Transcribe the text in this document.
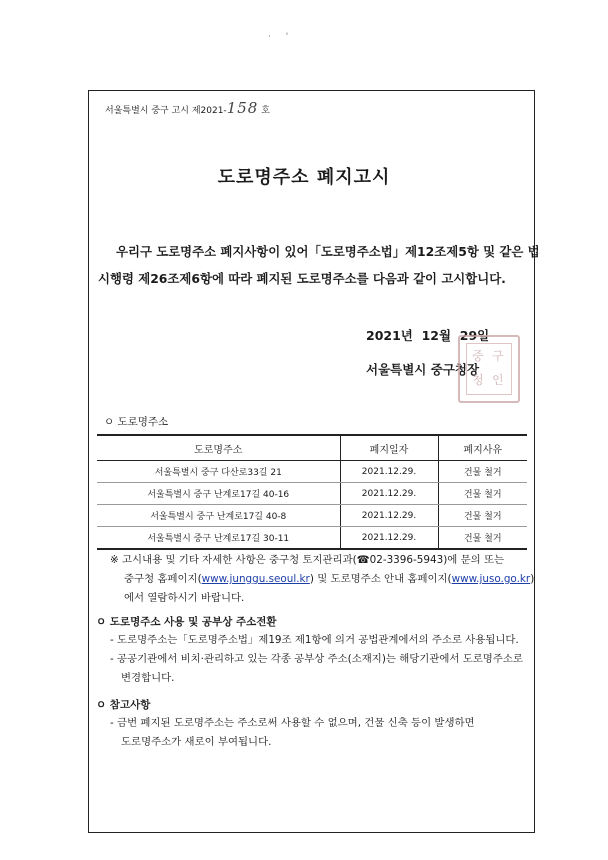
· '
서울특별시 중구 고시 제2021-158 호
도로명주소 폐지고시
우리구 도로명주소 폐지사항이 있어「도로명주소법」제12조제5항 및 같은 법
시행령 제26조제6항에 따라 폐지된 도로명주소를 다음과 같이 고시합니다.
2021년  12월  29일
서울특별시 중구청장
중 구
청 인
ㅇ 도로명주소
도로명주소	폐지일자	폐지사유
서울특별시 중구 다산로33길 21	2021.12.29.	건물 철거
서울특별시 중구 난계로17길 40-16	2021.12.29.	건물 철거
서울특별시 중구 난계로17길 40-8	2021.12.29.	건물 철거
서울특별시 중구 난계로17길 30-11	2021.12.29.	건물 철거
※ 고시내용 및 기타 자세한 사항은 중구청 토지관리과(☎02-3396-5943)에 문의 또는
중구청 홈페이지(www.junggu.seoul.kr) 및 도로명주소 안내 홈페이지(www.juso.go.kr)
에서 열람하시기 바랍니다.
ㅇ 도로명주소 사용 및 공부상 주소전환
- 도로명주소는「도로명주소법」제19조 제1항에 의거 공법관계에서의 주소로 사용됩니다.
- 공공기관에서 비치·관리하고 있는 각종 공부상 주소(소재지)는 해당기관에서 도로명주소로
변경합니다.
ㅇ 참고사항
- 금번 폐지된 도로명주소는 주소로써 사용할 수 없으며, 건물 신축 등이 발생하면
도로명주소가 새로이 부여됩니다.
